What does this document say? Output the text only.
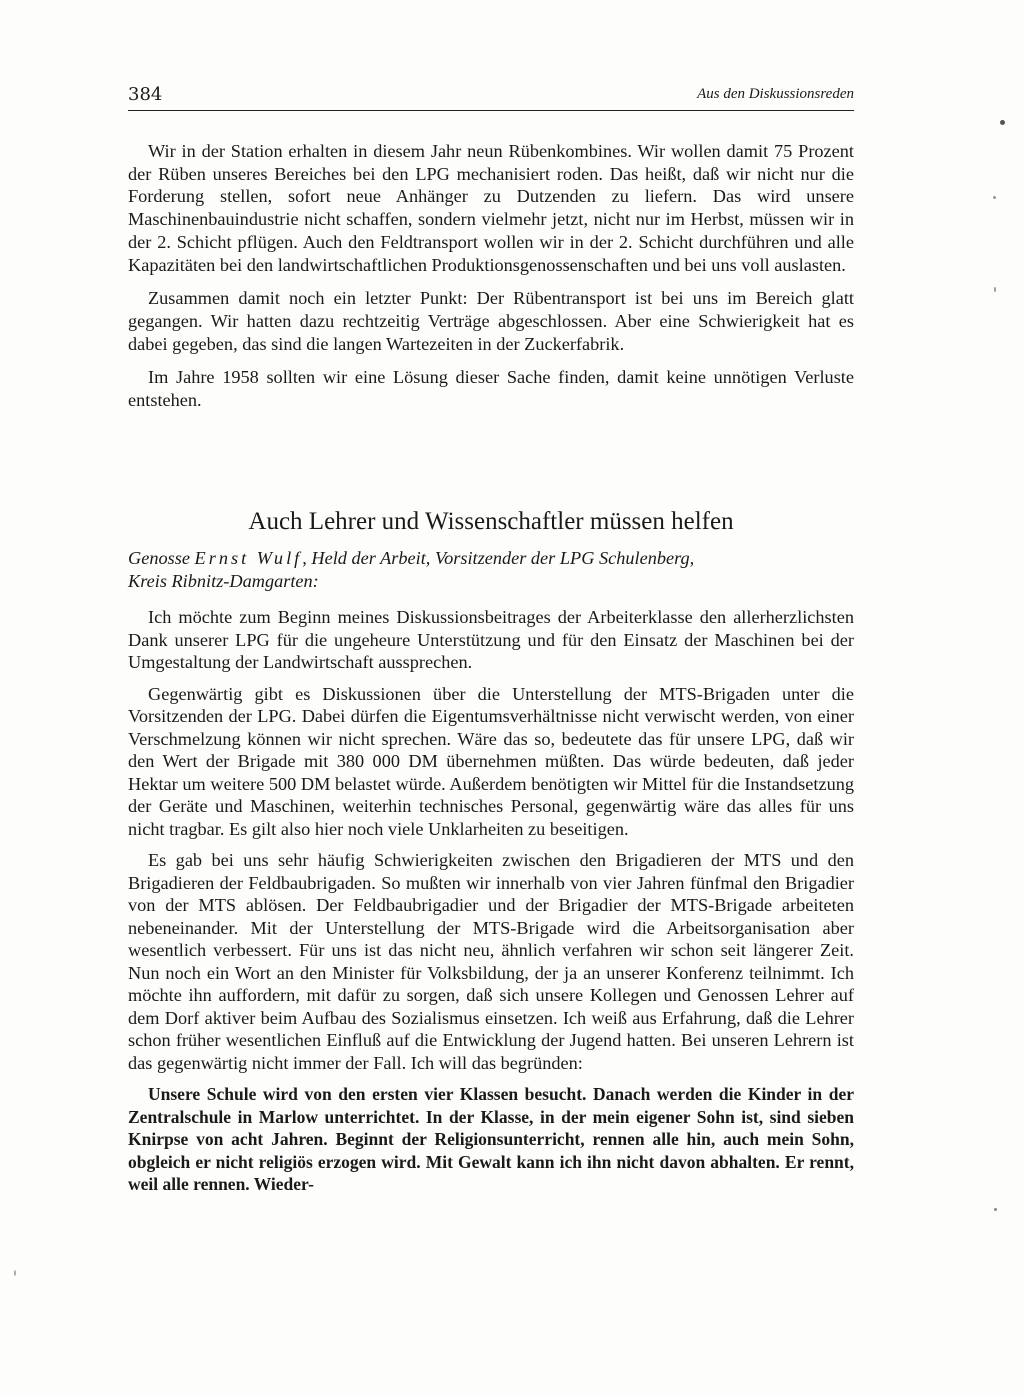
384	Aus den Diskussionsreden

Wir in der Station erhalten in diesem Jahr neun Rübenkombines. Wir wollen damit 75 Prozent der Rüben unseres Bereiches bei den LPG mechanisiert roden. Das heißt, daß wir nicht nur die Forderung stellen, sofort neue Anhänger zu Dutzenden zu liefern. Das wird unsere Maschinenbauindustrie nicht schaffen, sondern vielmehr jetzt, nicht nur im Herbst, müssen wir in der 2. Schicht pflügen. Auch den Feldtransport wollen wir in der 2. Schicht durchführen und alle Kapazitäten bei den landwirtschaftlichen Produktionsgenossenschaften und bei uns voll auslasten.

Zusammen damit noch ein letzter Punkt: Der Rübentransport ist bei uns im Bereich glatt gegangen. Wir hatten dazu rechtzeitig Verträge abgeschlossen. Aber eine Schwierigkeit hat es dabei gegeben, das sind die langen Wartezeiten in der Zuckerfabrik.

Im Jahre 1958 sollten wir eine Lösung dieser Sache finden, damit keine unnötigen Verluste entstehen.

Auch Lehrer und Wissenschaftler müssen helfen
Genosse Ernst Wulf, Held der Arbeit, Vorsitzender der LPG Schulenberg,
Kreis Ribnitz-Damgarten:

Ich möchte zum Beginn meines Diskussionsbeitrages der Arbeiterklasse den allerherzlichsten Dank unserer LPG für die ungeheure Unterstützung und für den Einsatz der Maschinen bei der Umgestaltung der Landwirtschaft aussprechen.

Gegenwärtig gibt es Diskussionen über die Unterstellung der MTS-Brigaden unter die Vorsitzenden der LPG. Dabei dürfen die Eigentumsverhältnisse nicht verwischt werden, von einer Verschmelzung können wir nicht sprechen. Wäre das so, bedeutete das für unsere LPG, daß wir den Wert der Brigade mit 380 000 DM übernehmen müßten. Das würde bedeuten, daß jeder Hektar um weitere 500 DM belastet würde. Außerdem benötigten wir Mittel für die Instandsetzung der Geräte und Maschinen, weiterhin technisches Personal, gegenwärtig wäre das alles für uns nicht tragbar. Es gilt also hier noch viele Unklarheiten zu beseitigen.

Es gab bei uns sehr häufig Schwierigkeiten zwischen den Brigadieren der MTS und den Brigadieren der Feldbaubrigaden. So mußten wir innerhalb von vier Jahren fünfmal den Brigadier von der MTS ablösen. Der Feldbaubrigadier und der Brigadier der MTS-Brigade arbeiteten nebeneinander. Mit der Unterstellung der MTS-Brigade wird die Arbeitsorganisation aber wesentlich verbessert. Für uns ist das nicht neu, ähnlich verfahren wir schon seit längerer Zeit. Nun noch ein Wort an den Minister für Volksbildung, der ja an unserer Konferenz teilnimmt. Ich möchte ihn auffordern, mit dafür zu sorgen, daß sich unsere Kollegen und Genossen Lehrer auf dem Dorf aktiver beim Aufbau des Sozialismus einsetzen. Ich weiß aus Erfahrung, daß die Lehrer schon früher wesentlichen Einfluß auf die Entwicklung der Jugend hatten. Bei unseren Lehrern ist das gegenwärtig nicht immer der Fall. Ich will das begründen:

Unsere Schule wird von den ersten vier Klassen besucht. Danach werden die Kinder in der Zentralschule in Marlow unterrichtet. In der Klasse, in der mein eigener Sohn ist, sind sieben Knirpse von acht Jahren. Beginnt der Religionsunterricht, rennen alle hin, auch mein Sohn, obgleich er nicht religiös erzogen wird. Mit Gewalt kann ich ihn nicht davon abhalten. Er rennt, weil alle rennen. Wieder-
